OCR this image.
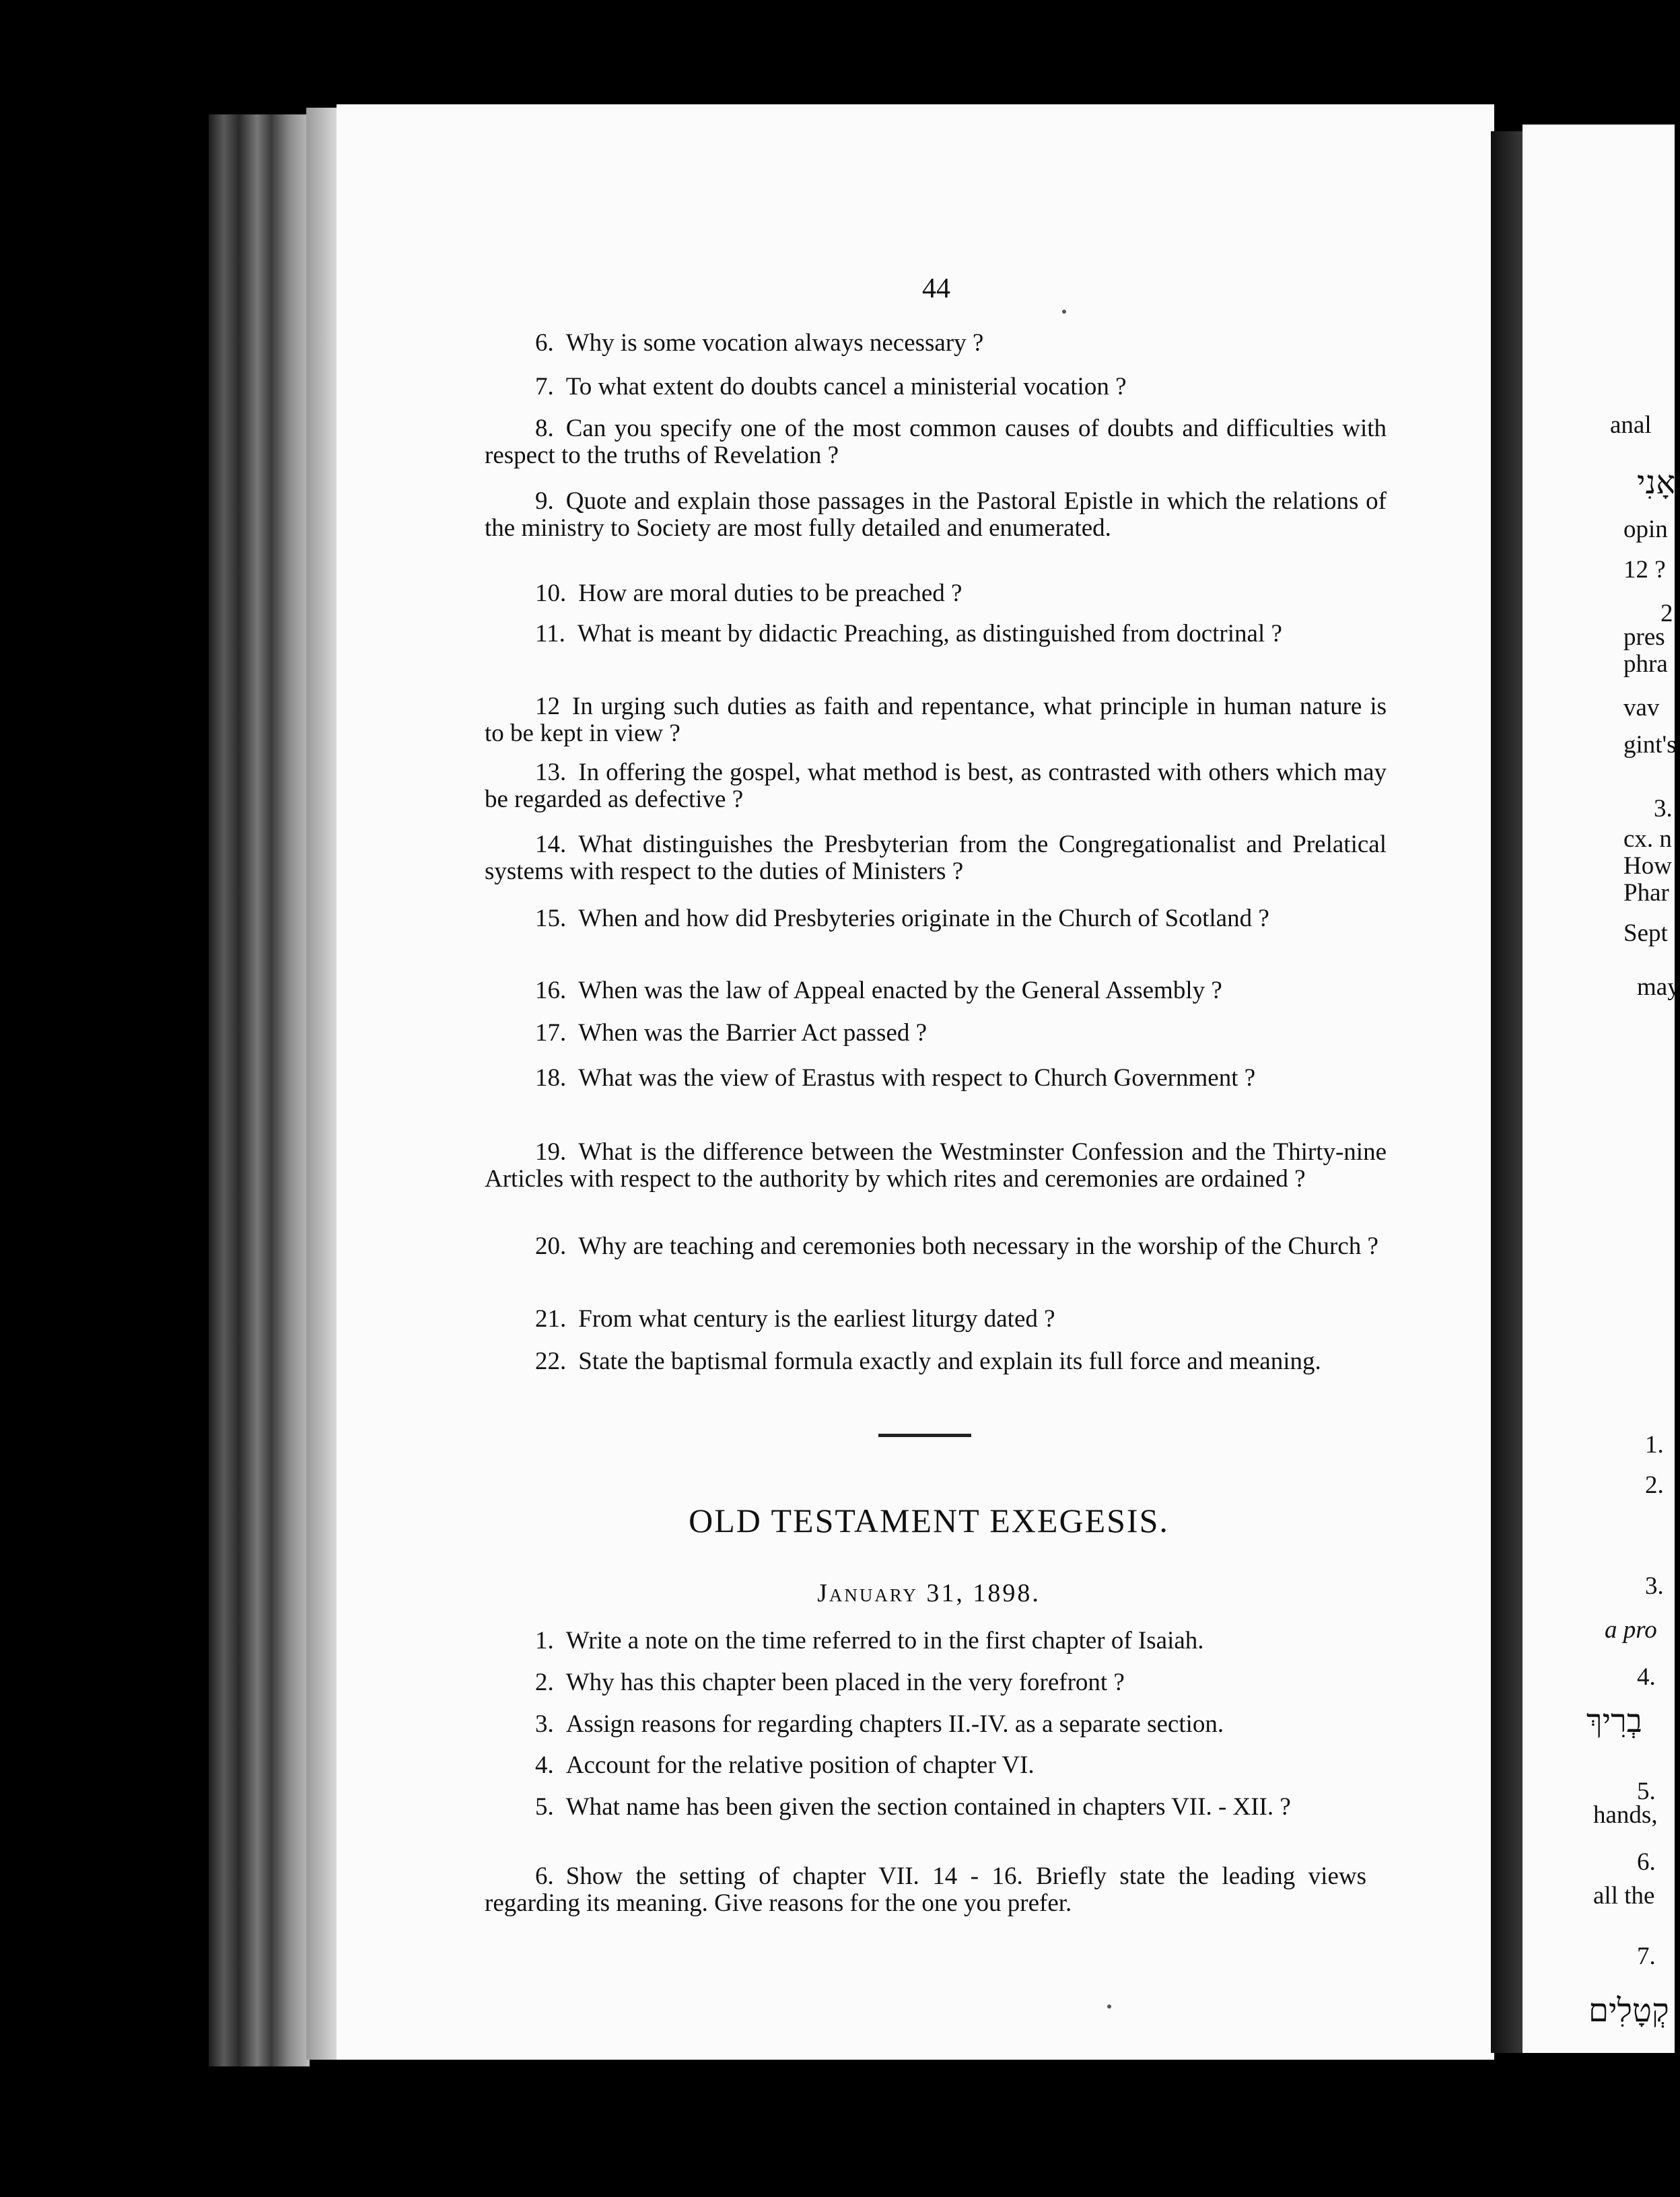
anal
אָנִי
opin
12 ?
2
pres
phra
vav
gint's
3.
cx. n
How
Phar
Sept
may
1.
2.
3.
a pro
4.
בְרִיךְ
5.
hands,
6.
all the
7.
קְטָלִים
44
6. Why is some vocation always necessary ?
7. To what extent do doubts cancel a ministerial vocation ?
8. Can you specify one of the most common causes of doubts and difficulties with respect to the truths of Revelation ?
9. Quote and explain those passages in the Pastoral Epistle in which the relations of the ministry to Society are most fully detailed and enumerated.
10. How are moral duties to be preached ?
11. What is meant by didactic Preaching, as distinguished from doctrinal ?
12 In urging such duties as faith and repentance, what principle in human nature is to be kept in view ?
13. In offering the gospel, what method is best, as contrasted with others which may be regarded as defective ?
14. What distinguishes the Presbyterian from the Congregationalist and Prelatical systems with respect to the duties of Ministers ?
15. When and how did Presbyteries originate in the Church of Scotland ?
16. When was the law of Appeal enacted by the General Assembly ?
17. When was the Barrier Act passed ?
18. What was the view of Erastus with respect to Church Government ?
19. What is the difference between the Westminster Confession and the Thirty-nine Articles with respect to the authority by which rites and ceremonies are ordained ?
20. Why are teaching and ceremonies both necessary in the worship of the Church ?
21. From what century is the earliest liturgy dated ?
22. State the baptismal formula exactly and explain its full force and meaning.
OLD TESTAMENT EXEGESIS.
January 31, 1898.
1. Write a note on the time referred to in the first chapter of Isaiah.
2. Why has this chapter been placed in the very forefront ?
3. Assign reasons for regarding chapters II.-IV. as a separate section.
4. Account for the relative position of chapter VI.
5. What name has been given the section contained in chapters VII. - XII. ?
6. Show the setting of chapter VII. 14 - 16. Briefly state the leading views regarding its meaning. Give reasons for the one you prefer.
